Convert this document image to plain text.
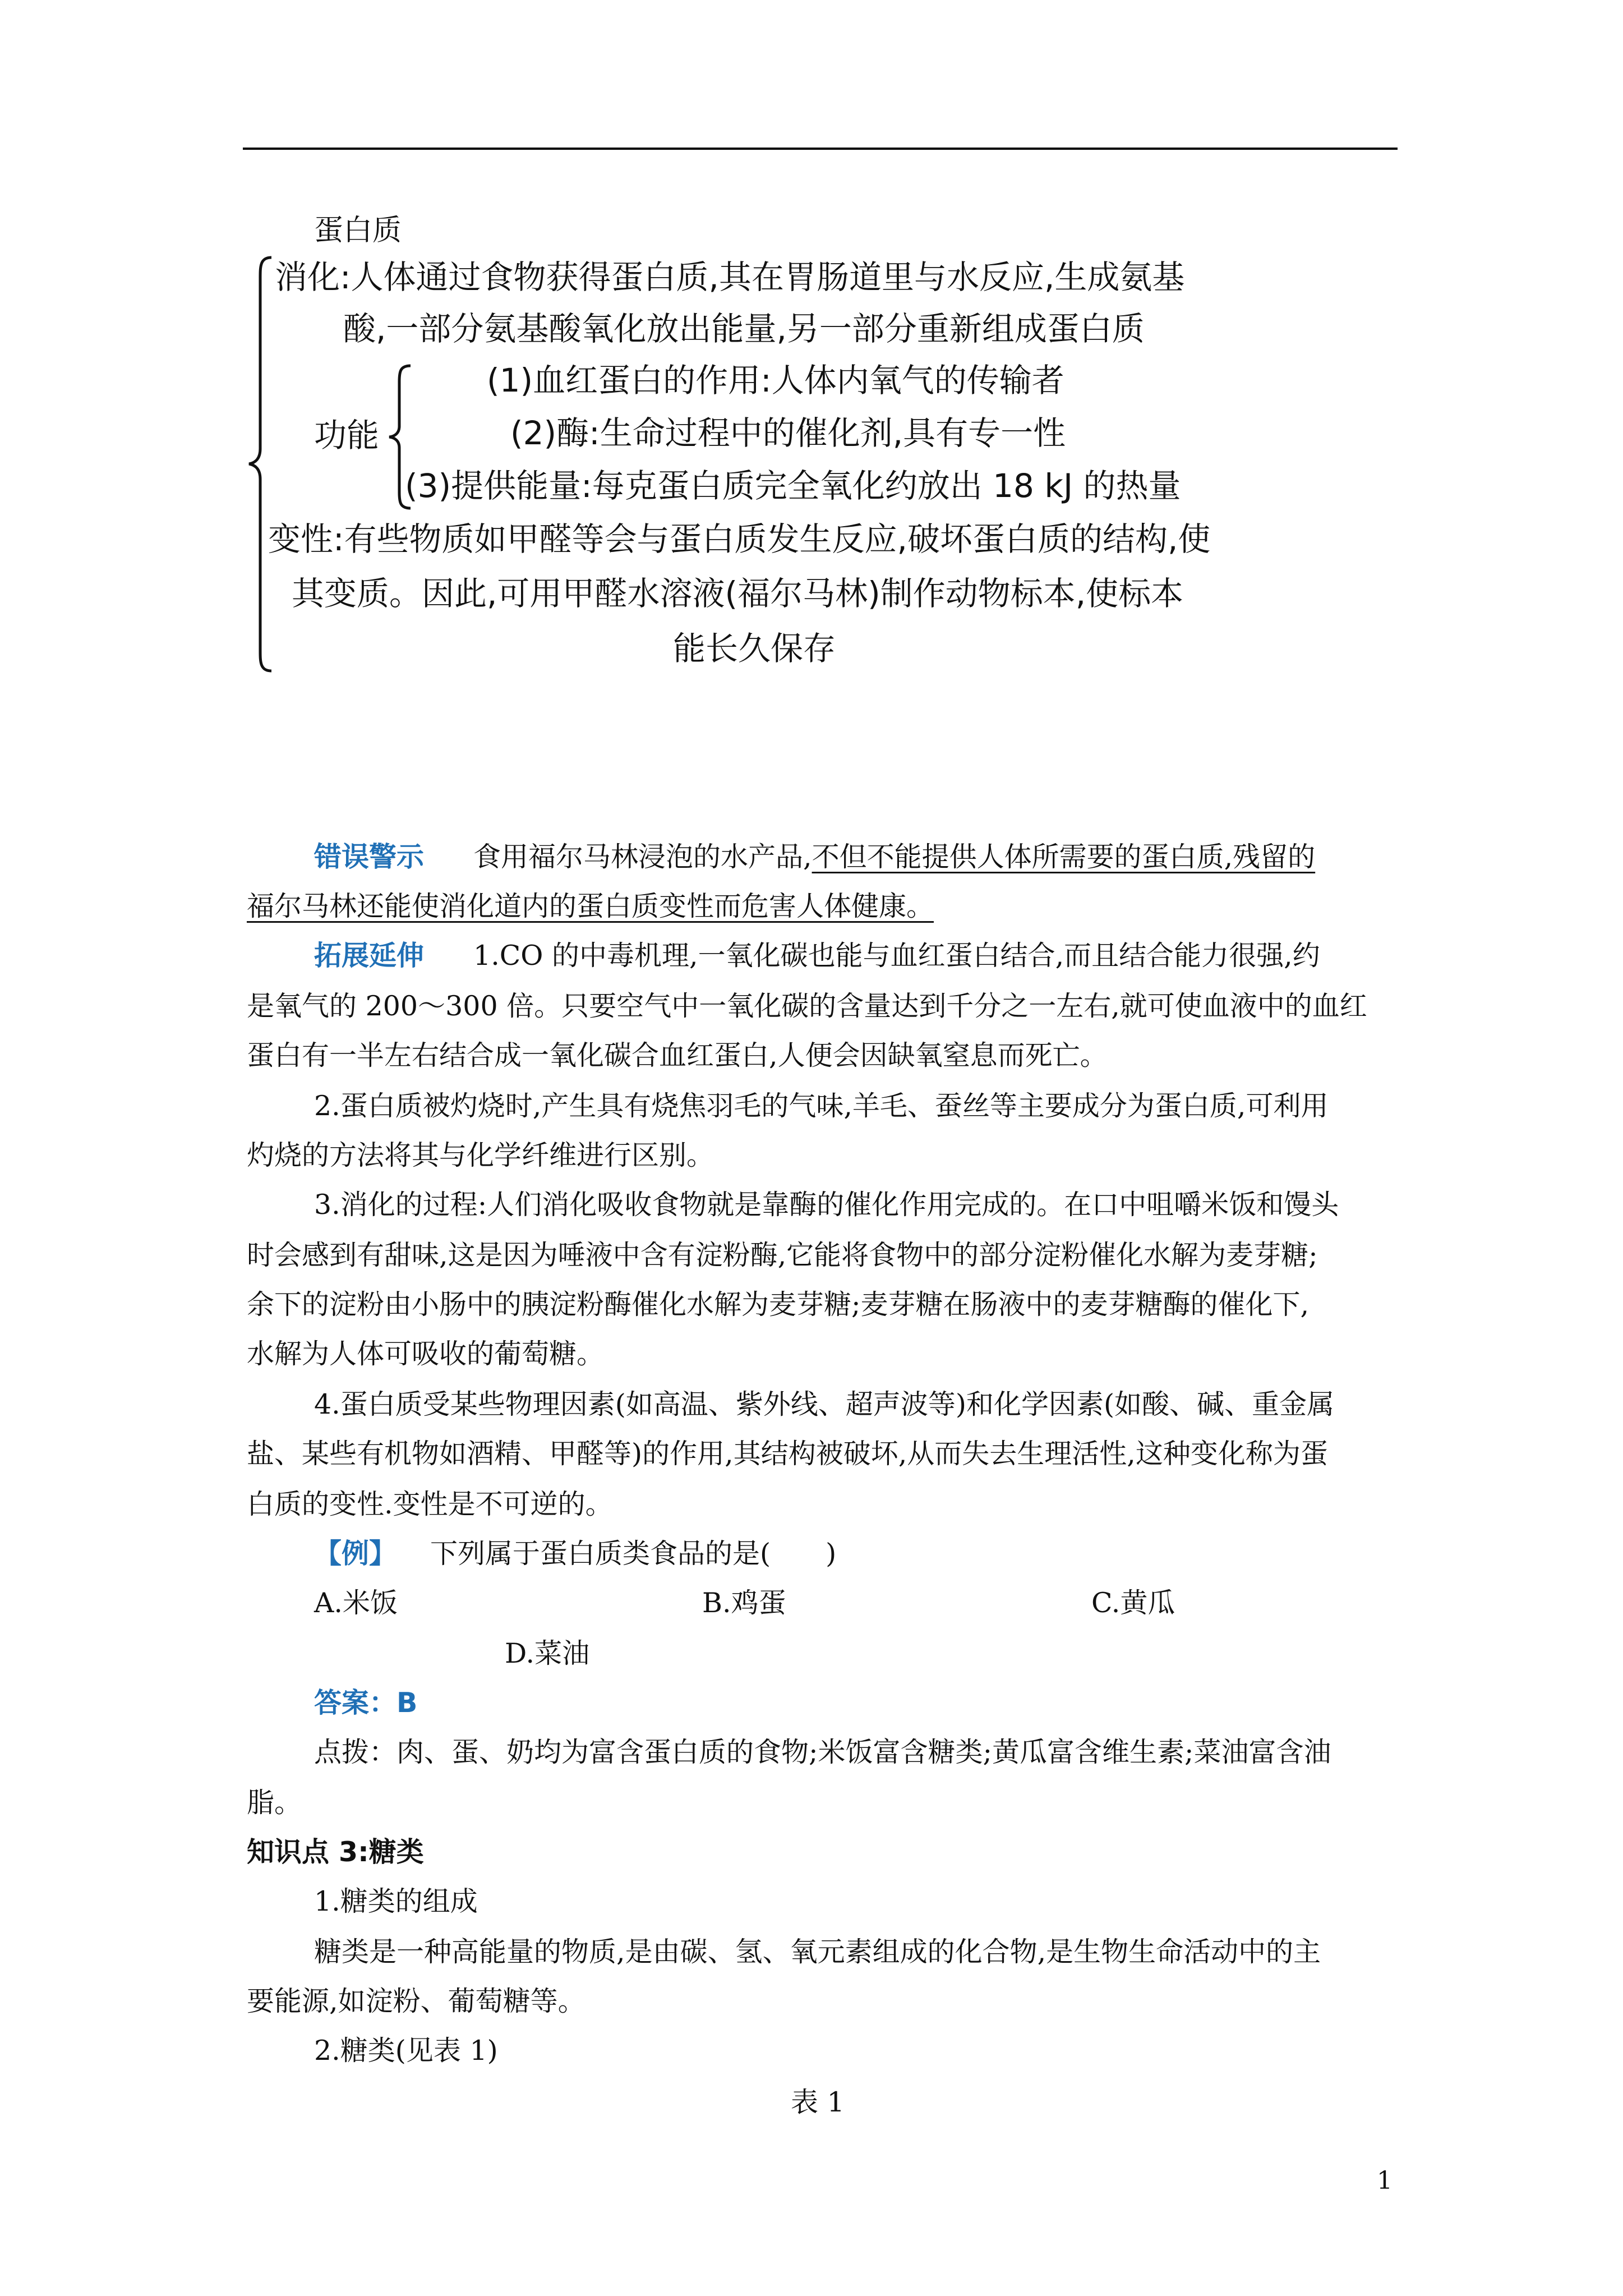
蛋白质
消化:人体通过食物获得蛋白质,其在胃肠道里与水反应,生成氨基
酸,一部分氨基酸氧化放出能量,另一部分重新组成蛋白质
功能
(1)血红蛋白的作用:人体内氧气的传输者
(2)酶:生命过程中的催化剂,具有专一性
(3)提供能量:每克蛋白质完全氧化约放出 18 kJ 的热量
变性:有些物质如甲醛等会与蛋白质发生反应,破坏蛋白质的结构,使
其变质。因此,可用甲醛水溶液(福尔马林)制作动物标本,使标本
能长久保存
错误警示 食用福尔马林浸泡的水产品,不但不能提供人体所需要的蛋白质,残留的
福尔马林还能使消化道内的蛋白质变性而危害人体健康。
拓展延伸 1.CO 的中毒机理,一氧化碳也能与血红蛋白结合,而且结合能力很强,约
是氧气的 200～300 倍。只要空气中一氧化碳的含量达到千分之一左右,就可使血液中的血红
蛋白有一半左右结合成一氧化碳合血红蛋白,人便会因缺氧窒息而死亡。
2.蛋白质被灼烧时,产生具有烧焦羽毛的气味,羊毛、蚕丝等主要成分为蛋白质,可利用
灼烧的方法将其与化学纤维进行区别。
3.消化的过程:人们消化吸收食物就是靠酶的催化作用完成的。在口中咀嚼米饭和馒头
时会感到有甜味,这是因为唾液中含有淀粉酶,它能将食物中的部分淀粉催化水解为麦芽糖;
余下的淀粉由小肠中的胰淀粉酶催化水解为麦芽糖;麦芽糖在肠液中的麦芽糖酶的催化下,
水解为人体可吸收的葡萄糖。
4.蛋白质受某些物理因素(如高温、紫外线、超声波等)和化学因素(如酸、碱、重金属
盐、某些有机物如酒精、甲醛等)的作用,其结构被破坏,从而失去生理活性,这种变化称为蛋
白质的变性.变性是不可逆的。
【例】 下列属于蛋白质类食品的是(　　)
A.米饭	B.鸡蛋	C.黄瓜
D.菜油
答案：B
点拨：肉、蛋、奶均为富含蛋白质的食物;米饭富含糖类;黄瓜富含维生素;菜油富含油
脂。
知识点 3:糖类
1.糖类的组成
糖类是一种高能量的物质,是由碳、氢、氧元素组成的化合物,是生物生命活动中的主
要能源,如淀粉、葡萄糖等。
2.糖类(见表 1)
表 1
1
